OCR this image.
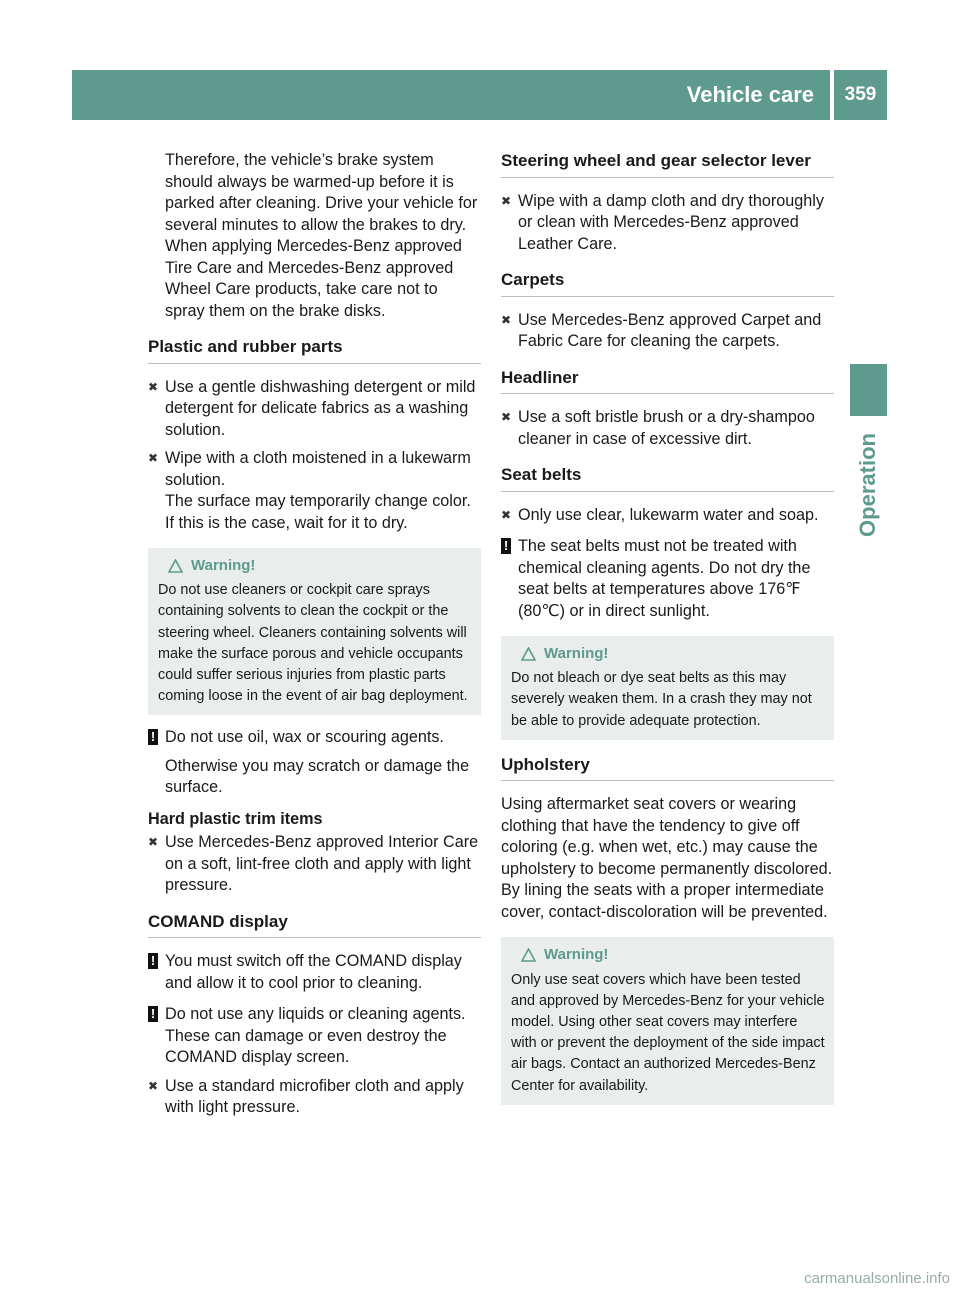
Vehicle care	359
Operation

Therefore, the vehicle’s brake system should always be warmed-up before it is parked after cleaning. Drive your vehicle for several minutes to allow the brakes to dry. When applying Mercedes-Benz approved Tire Care and Mercedes-Benz approved Wheel Care products, take care not to spray them on the brake disks.

Plastic and rubber parts
✖ Use a gentle dishwashing detergent or mild detergent for delicate fabrics as a washing solution.
✖ Wipe with a cloth moistened in a lukewarm solution.
The surface may temporarily change color. If this is the case, wait for it to dry.
Warning!

Do not use cleaners or cockpit care sprays containing solvents to clean the cockpit or the steering wheel. Cleaners containing solvents will make the surface porous and vehicle occupants could suffer serious injuries from plastic parts coming loose in the event of air bag deployment.

! Do not use oil, wax or scouring agents.

Otherwise you may scratch or damage the surface.

Hard plastic trim items
✖ Use Mercedes-Benz approved Interior Care on a soft, lint-free cloth and apply with light pressure.
COMAND display
! You must switch off the COMAND display and allow it to cool prior to cleaning.
! Do not use any liquids or cleaning agents. These can damage or even destroy the COMAND display screen.
✖ Use a standard microfiber cloth and apply with light pressure.
Steering wheel and gear selector lever
✖ Wipe with a damp cloth and dry thoroughly or clean with Mercedes-Benz approved Leather Care.
Carpets
✖ Use Mercedes-Benz approved Carpet and Fabric Care for cleaning the carpets.
Headliner
✖ Use a soft bristle brush or a dry-shampoo cleaner in case of excessive dirt.
Seat belts
✖ Only use clear, lukewarm water and soap.
! The seat belts must not be treated with chemical cleaning agents. Do not dry the seat belts at temperatures above 176℉ (80℃) or in direct sunlight.
Warning!

Do not bleach or dye seat belts as this may severely weaken them. In a crash they may not be able to provide adequate protection.

Upholstery

Using aftermarket seat covers or wearing clothing that have the tendency to give off coloring (e.g. when wet, etc.) may cause the upholstery to become permanently discolored. By lining the seats with a proper intermediate cover, contact-discoloration will be prevented.

Warning!

Only use seat covers which have been tested and approved by Mercedes-Benz for your vehicle model. Using other seat covers may interfere with or prevent the deployment of the side impact air bags. Contact an authorized Mercedes-Benz Center for availability.

carmanualsonline.info
